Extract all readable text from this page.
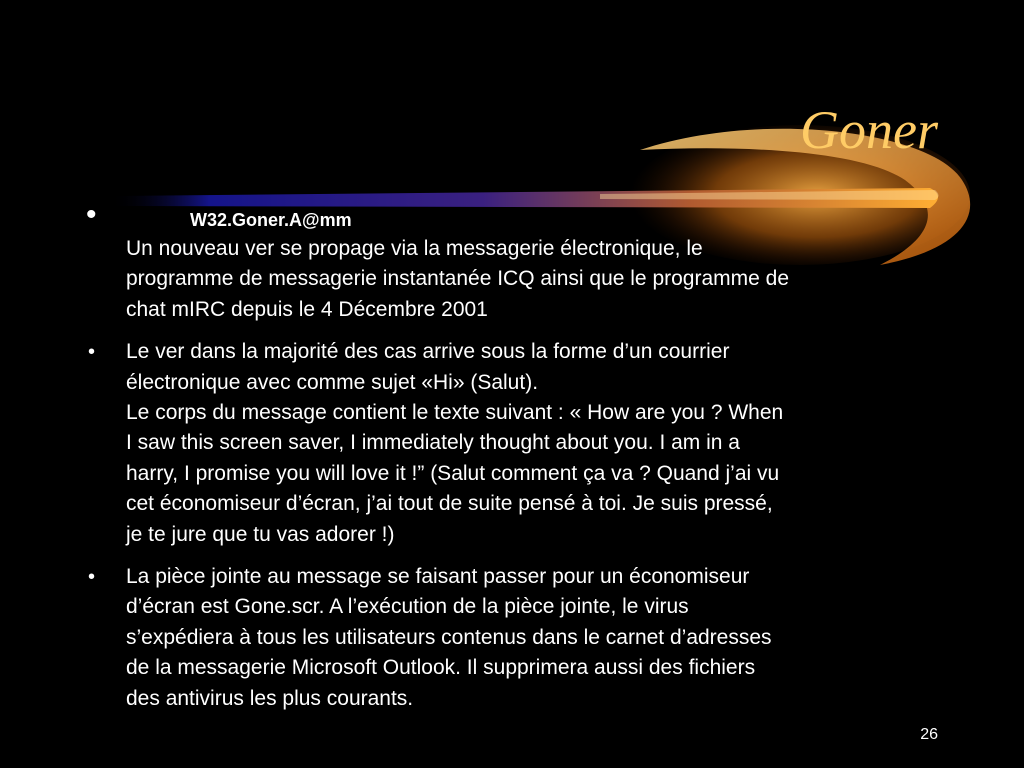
Goner
•	W32.Goner.A@mm
Un nouveau ver se propage via la messagerie électronique, le
programme de messagerie instantanée ICQ ainsi que le programme de
chat mIRC depuis le 4 Décembre 2001
• Le ver dans la majorité des cas arrive sous la forme d’un courrier
électronique avec comme sujet «Hi» (Salut).
Le corps du message contient le texte suivant : « How are you ? When
I saw this screen saver, I immediately thought about you. I am in a
harry, I promise you will love it !” (Salut comment ça va ? Quand j’ai vu
cet économiseur d’écran, j’ai tout de suite pensé à toi. Je suis pressé,
je te jure que tu vas adorer !)
• La pièce jointe au message se faisant passer pour un économiseur
d’écran est Gone.scr. A l’exécution de la pièce jointe, le virus
s’expédiera à tous les utilisateurs contenus dans le carnet d’adresses
de la messagerie Microsoft Outlook. Il supprimera aussi des fichiers
des antivirus les plus courants.
26
